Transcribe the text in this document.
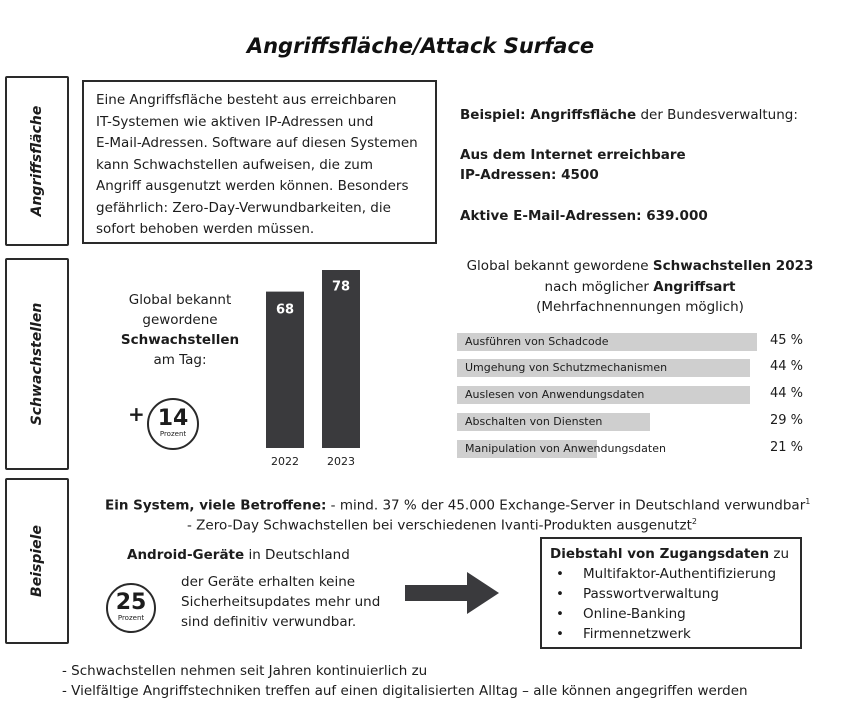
Angriffsfläche/Attack Surface
Angriffsfläche
Schwachstellen
Beispiele
Eine Angriffsfläche besteht aus erreichbaren
IT-Systemen wie aktiven IP-Adressen und
E-Mail-Adressen. Software auf diesen Systemen
kann Schwachstellen aufweisen, die zum
Angriff ausgenutzt werden können. Besonders
gefährlich: Zero-Day-Verwundbarkeiten, die
sofort behoben werden müssen.
Beispiel: Angriffsfläche der Bundesverwaltung:
Aus dem Internet erreichbare
IP-Adressen: 4500
Aktive E-Mail-Adressen: 639.000
Global bekannt
gewordene
Schwachstellen
am Tag:
+ 14
Prozent
68
2022
78
2023
Global bekannt gewordene Schwachstellen 2023
nach möglicher Angriffsart
(Mehrfachnennungen möglich)
Ausführen von Schadcode	45 %
Umgehung von Schutzmechanismen	44 %
Auslesen von Anwendungsdaten	44 %
Abschalten von Diensten	29 %
Manipulation von Anwendungsdaten	21 %
Ein System, viele Betroffene: - mind. 37 % der 45.000 Exchange-Server in Deutschland verwundbar$^1$
- Zero-Day Schwachstellen bei verschiedenen Ivanti-Produkten ausgenutzt$^2$
Android-Geräte in Deutschland
25
Prozent
der Geräte erhalten keine
Sicherheitsupdates mehr und
sind definitiv verwundbar.
Diebstahl von Zugangsdaten zu
• Multifaktor-Authentifizierung
• Passwortverwaltung
• Online-Banking
• Firmennetzwerk
- Schwachstellen nehmen seit Jahren kontinuierlich zu
- Vielfältige Angriffstechniken treffen auf einen digitalisierten Alltag – alle können angegriffen werden
